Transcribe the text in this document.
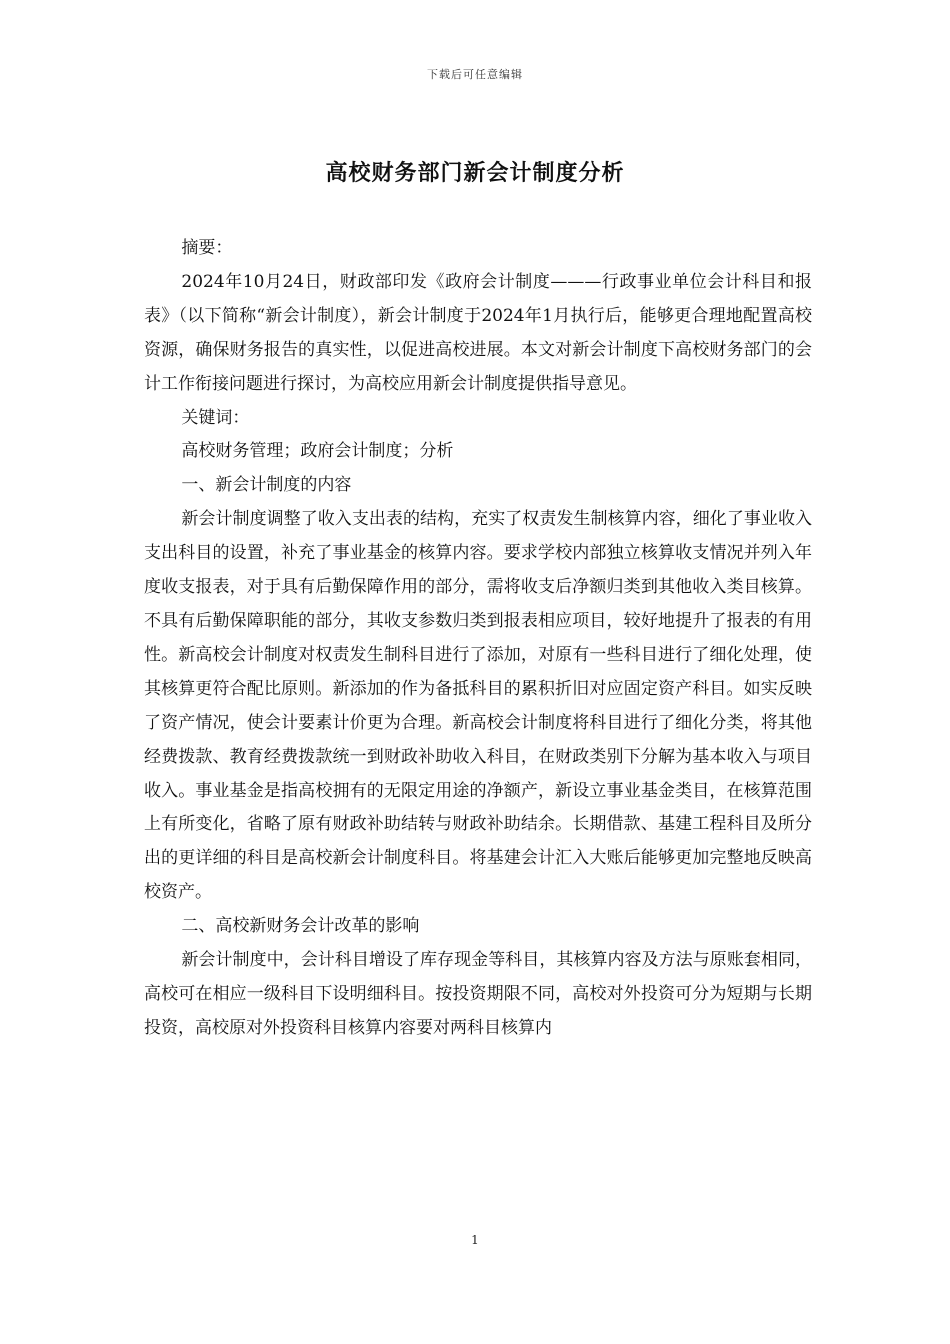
下载后可任意编辑
高校财务部门新会计制度分析

摘要：

2024年10月24日，财政部印发《政府会计制度———行政事业单位会计科目和报表》（以下简称“新会计制度），新会计制度于2024年1月执行后，能够更合理地配置高校资源，确保财务报告的真实性，以促进高校进展。本文对新会计制度下高校财务部门的会计工作衔接问题进行探讨，为高校应用新会计制度提供指导意见。

关键词：

高校财务管理；政府会计制度；分析

一、新会计制度的内容

新会计制度调整了收入支出表的结构，充实了权责发生制核算内容，细化了事业收入支出科目的设置，补充了事业基金的核算内容。要求学校内部独立核算收支情况并列入年度收支报表，对于具有后勤保障作用的部分，需将收支后净额归类到其他收入类目核算。不具有后勤保障职能的部分，其收支参数归类到报表相应项目，较好地提升了报表的有用性。新高校会计制度对权责发生制科目进行了添加，对原有一些科目进行了细化处理，使其核算更符合配比原则。新添加的作为备抵科目的累积折旧对应固定资产科目。如实反映了资产情况，使会计要素计价更为合理。新高校会计制度将科目进行了细化分类，将其他经费拨款、教育经费拨款统一到财政补助收入科目，在财政类别下分解为基本收入与项目收入。事业基金是指高校拥有的无限定用途的净额产，新设立事业基金类目，在核算范围上有所变化，省略了原有财政补助结转与财政补助结余。长期借款、基建工程科目及所分出的更详细的科目是高校新会计制度科目。将基建会计汇入大账后能够更加完整地反映高校资产。

二、高校新财务会计改革的影响

新会计制度中，会计科目增设了库存现金等科目，其核算内容及方法与原账套相同，高校可在相应一级科目下设明细科目。按投资期限不同，高校对外投资可分为短期与长期投资，高校原对外投资科目核算内容要对两科目核算内

1
